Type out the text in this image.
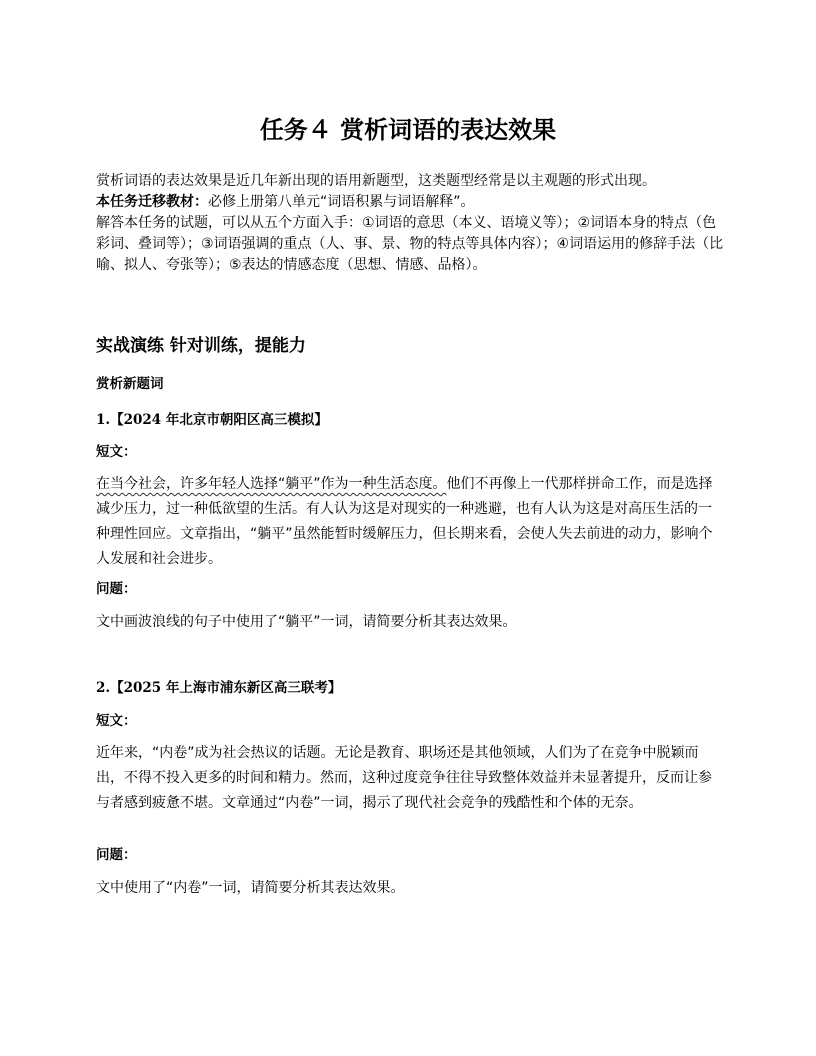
任务４ 赏析词语的表达效果

赏析词语的表达效果是近几年新出现的语用新题型，这类题型经常是以主观题的形式出现。

本任务迁移教材：必修上册第八单元“词语积累与词语解释”。

解答本任务的试题，可以从五个方面入手：①词语的意思（本义、语境义等）；②词语本身的特点（色彩词、叠词等）；③词语强调的重点（人、事、景、物的特点等具体内容）；④词语运用的修辞手法（比喻、拟人、夸张等）；⑤表达的情感态度（思想、情感、品格）。

实战演练 针对训练，提能力
赏析新题词
1.【2024 年北京市朝阳区高三模拟】

短文：

在当今社会，许多年轻人选择“躺平”作为一种生活态度。他们不再像上一代那样拼命工作，而是选择减少压力，过一种低欲望的生活。有人认为这是对现实的一种逃避，也有人认为这是对高压生活的一种理性回应。文章指出，“躺平”虽然能暂时缓解压力，但长期来看，会使人失去前进的动力，影响个人发展和社会进步。

问题：

文中画波浪线的句子中使用了“躺平”一词，请简要分析其表达效果。

2.【2025 年上海市浦东新区高三联考】

短文：

近年来，“内卷”成为社会热议的话题。无论是教育、职场还是其他领域，人们为了在竞争中脱颖而出，不得不投入更多的时间和精力。然而，这种过度竞争往往导致整体效益并未显著提升，反而让参与者感到疲惫不堪。文章通过“内卷”一词，揭示了现代社会竞争的残酷性和个体的无奈。

问题：

文中使用了“内卷”一词，请简要分析其表达效果。
